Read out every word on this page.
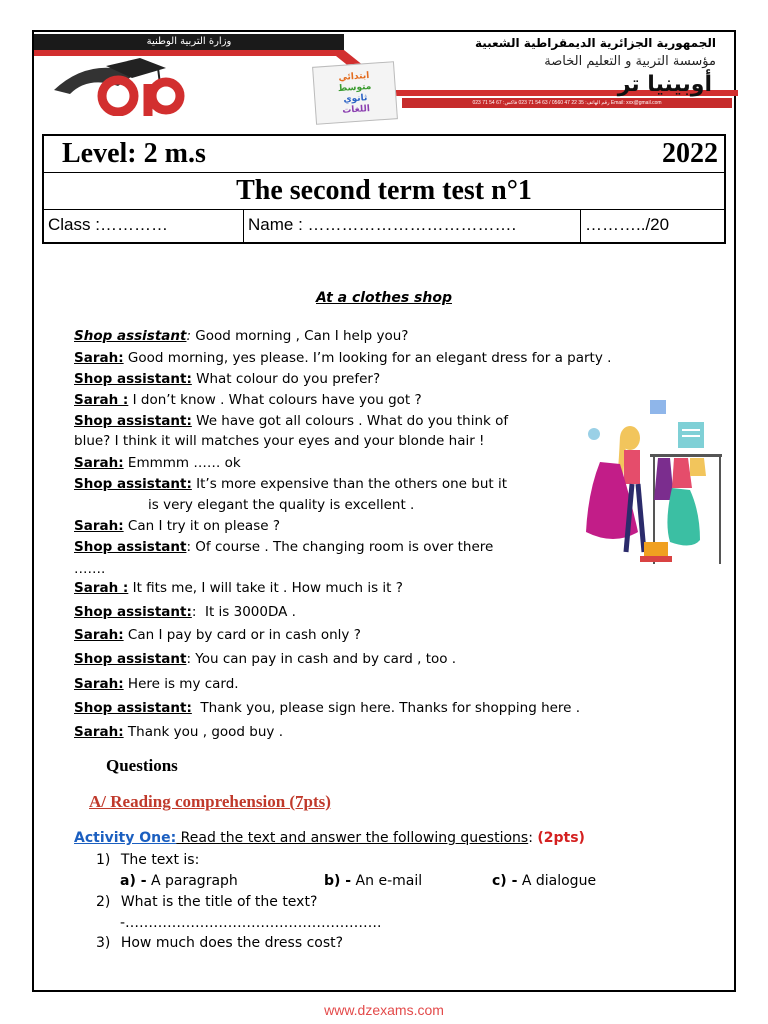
وزارة التربية الوطنية	الجمهورية الجزائرية الديمقراطية الشعبية
مؤسسة التربية و التعليم الخاصة
أوبينيا تر
رقم الهاتف: 35 22 47 0560 / 63 54 71 023 فاكس: 67 54 71 023 Email: xxx@gmail.com
ابتدائي
متوسط
ثانوي
اللغات
Level: 2 m.s	2022
The second term test n°1
Class :…………	Name : ……………………………….	………../20
At a clothes shop
Shop assistant: Good morning , Can I help you?
Sarah: Good morning, yes please. I’m looking for an elegant dress for a party .
Shop assistant: What colour do you prefer?
Sarah : I don’t know . What colours have you got ?
Shop assistant: We have got all colours . What do you think of
blue? I think it will matches your eyes and your blonde hair !
Sarah: Emmmm …… ok
Shop assistant: It’s more expensive than the others one but it
is very elegant the quality is excellent .
Sarah: Can I try it on please ?
Shop assistant: Of course . The changing room is over there
…….
Sarah : It fits me, I will take it . How much is it ?
Shop assistant::  It is 3000DA .
Sarah: Can I pay by card or in cash only ?
Shop assistant: You can pay in cash and by card , too .
Sarah: Here is my card.
Shop assistant:  Thank you, please sign here. Thanks for shopping here .
Sarah: Thank you , good buy .
Questions
A/ Reading comprehension (7pts)
Activity One: Read the text and answer the following questions: (2pts)
1) The text is:
a) - A paragraph	b) - An e-mail	c) - A dialogue
2) What is the title of the text?
-……………………………………………….
3) How much does the dress cost?
www.dzexams.com
